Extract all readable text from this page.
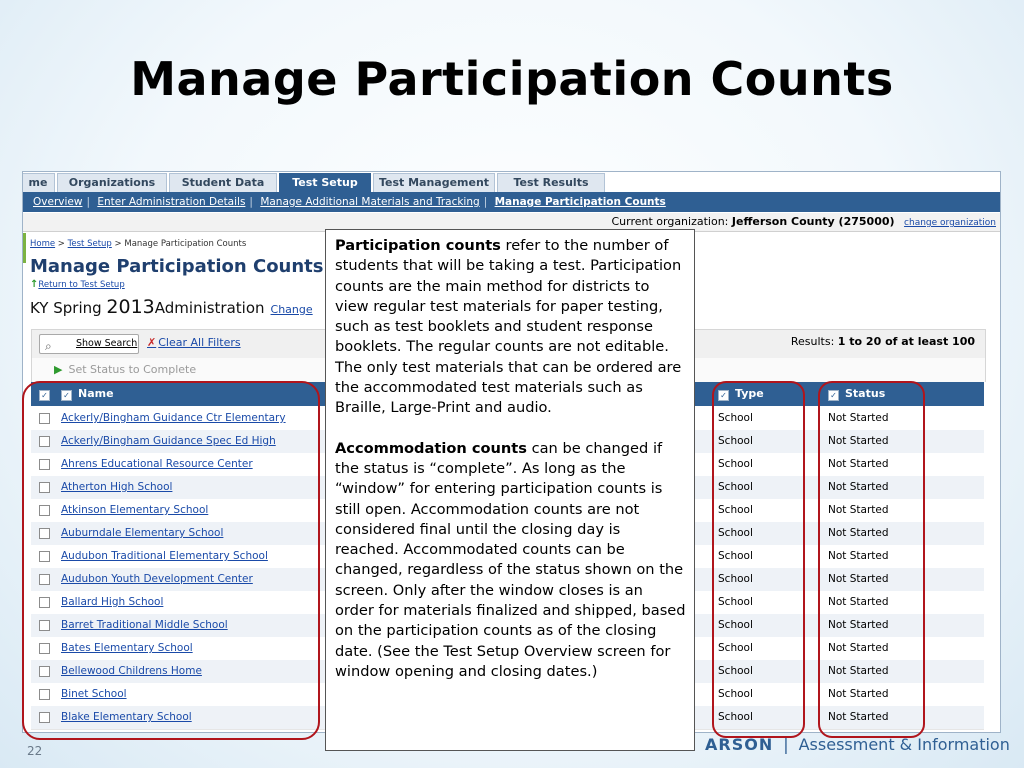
Manage Participation Counts
me	Organizations	Student Data	Test Setup	Test Management	Test Results
Overview | Enter Administration Details | Manage Additional Materials and Tracking | Manage Participation Counts
Current organization: Jefferson County (275000) change organization
Home > Test Setup > Manage Participation Counts
Manage Participation Counts
↑Return to Test Setup
KY Spring 2013Administration Change
⌕	Show Search ✗ Clear All Filters	Results: 1 to 20 of at least 100
▶ Set Status to Complete
✓	✓ Name	✓ Type	✓ Status
Ackerly/Bingham Guidance Ctr Elementary	School	Not Started
Ackerly/Bingham Guidance Spec Ed High	School	Not Started
Ahrens Educational Resource Center	School	Not Started
Atherton High School	School	Not Started
Atkinson Elementary School	School	Not Started
Auburndale Elementary School	School	Not Started
Audubon Traditional Elementary School	School	Not Started
Audubon Youth Development Center	School	Not Started
Ballard High School	School	Not Started
Barret Traditional Middle School	School	Not Started
Bates Elementary School	School	Not Started
Bellewood Childrens Home	School	Not Started
Binet School	School	Not Started
Blake Elementary School	School	Not Started

Participation counts refer to the number of students that will be taking a test. Participation counts are the main method for districts to view regular test materials for paper testing, such as test booklets and student response booklets. The regular counts are not editable. The only test materials that can be ordered are the accommodated test materials such as Braille, Large-Print and audio.

Accommodation counts can be changed if the status is “complete”. As long as the “window” for entering participation counts is still open. Accommodation counts are not considered final until the closing day is reached. Accommodated counts can be changed, regardless of the status shown on the screen. Only after the window closes is an order for materials finalized and shipped, based on the participation counts as of the closing date. (See the Test Setup Overview screen for window opening and closing dates.)

22	ARSON | Assessment & Information
